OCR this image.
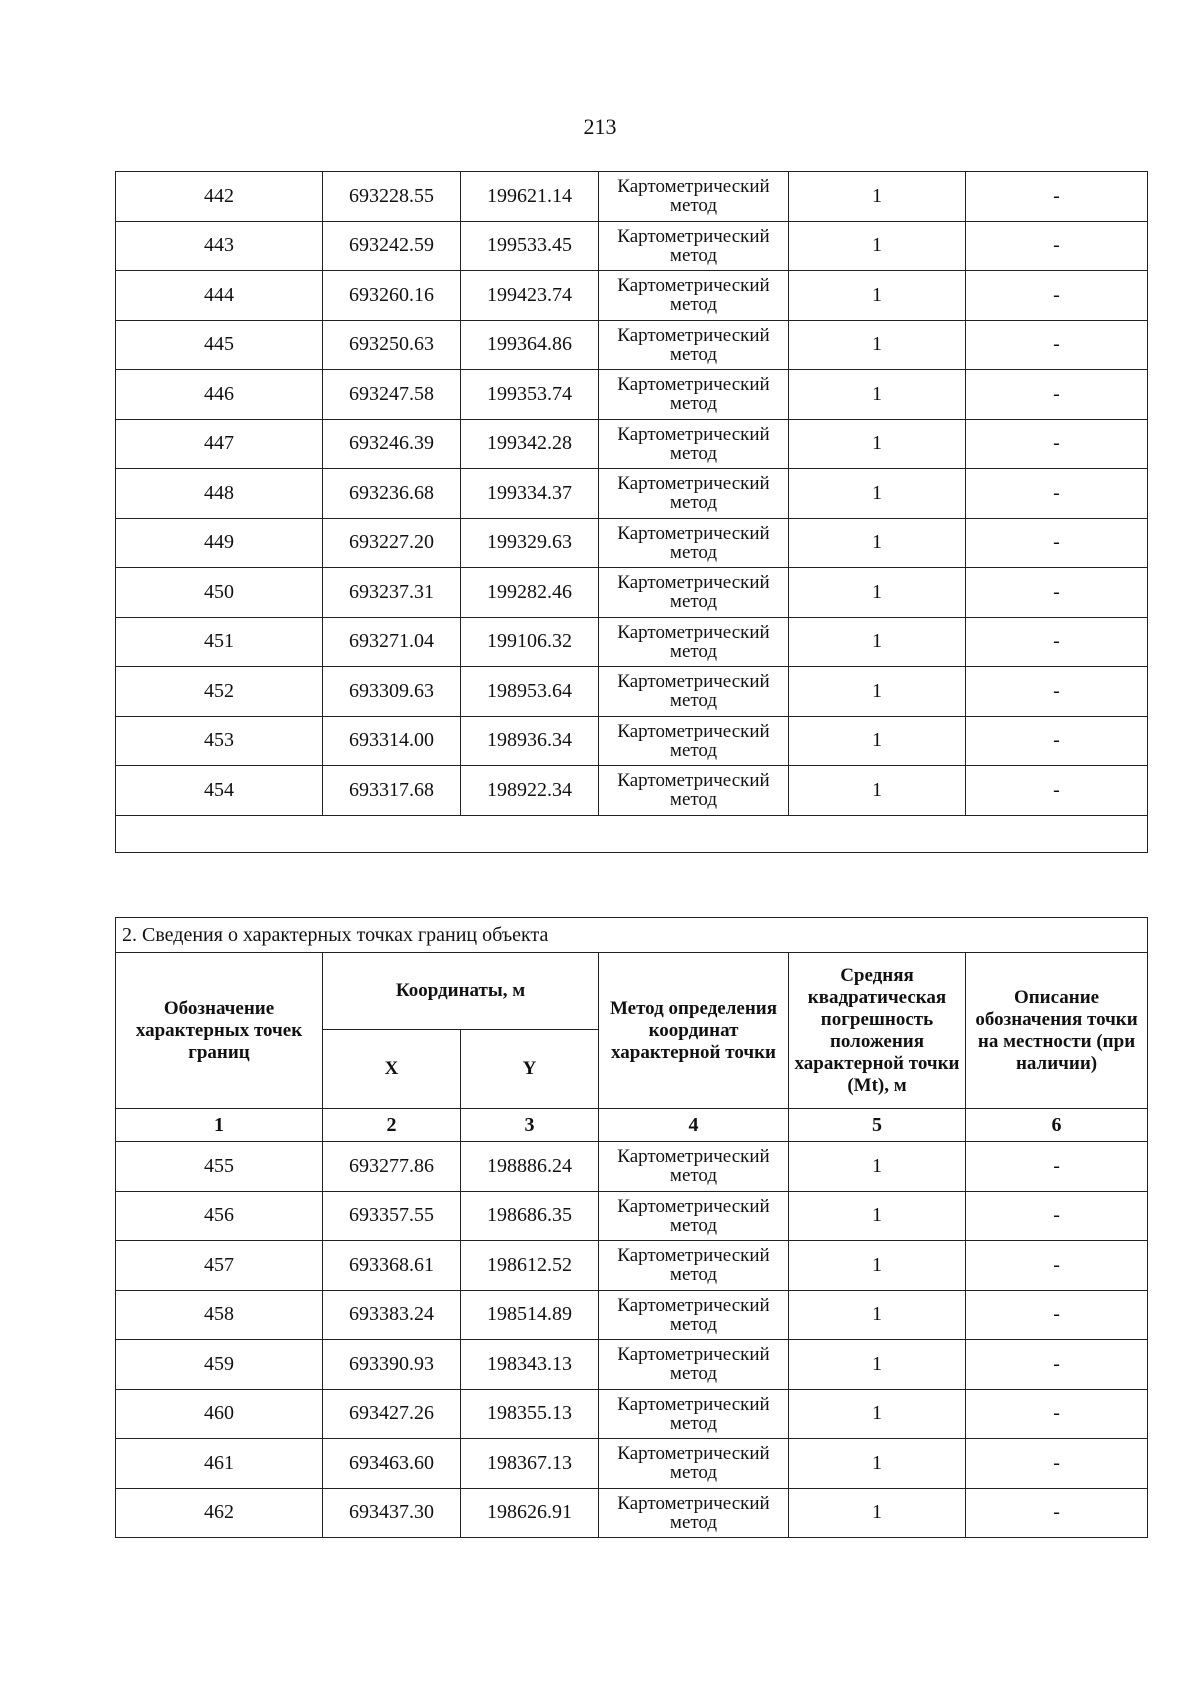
213
442	693228.55	199621.14	Картометрический метод	1	-
443	693242.59	199533.45	Картометрический метод	1	-
444	693260.16	199423.74	Картометрический метод	1	-
445	693250.63	199364.86	Картометрический метод	1	-
446	693247.58	199353.74	Картометрический метод	1	-
447	693246.39	199342.28	Картометрический метод	1	-
448	693236.68	199334.37	Картометрический метод	1	-
449	693227.20	199329.63	Картометрический метод	1	-
450	693237.31	199282.46	Картометрический метод	1	-
451	693271.04	199106.32	Картометрический метод	1	-
452	693309.63	198953.64	Картометрический метод	1	-
453	693314.00	198936.34	Картометрический метод	1	-
454	693317.68	198922.34	Картометрический метод	1	-

2. Сведения о характерных точках границ объекта					
Обозначение характерных точек границ	Координаты, м		Метод определения координат характерной точки	Средняя квадратическая погрешность положения характерной точки (Mt), м	Описание обозначения точки на местности (при наличии)
	X	Y			
1	2	3	4	5	6
455	693277.86	198886.24	Картометрический метод	1	-
456	693357.55	198686.35	Картометрический метод	1	-
457	693368.61	198612.52	Картометрический метод	1	-
458	693383.24	198514.89	Картометрический метод	1	-
459	693390.93	198343.13	Картометрический метод	1	-
460	693427.26	198355.13	Картометрический метод	1	-
461	693463.60	198367.13	Картометрический метод	1	-
462	693437.30	198626.91	Картометрический метод	1	-
